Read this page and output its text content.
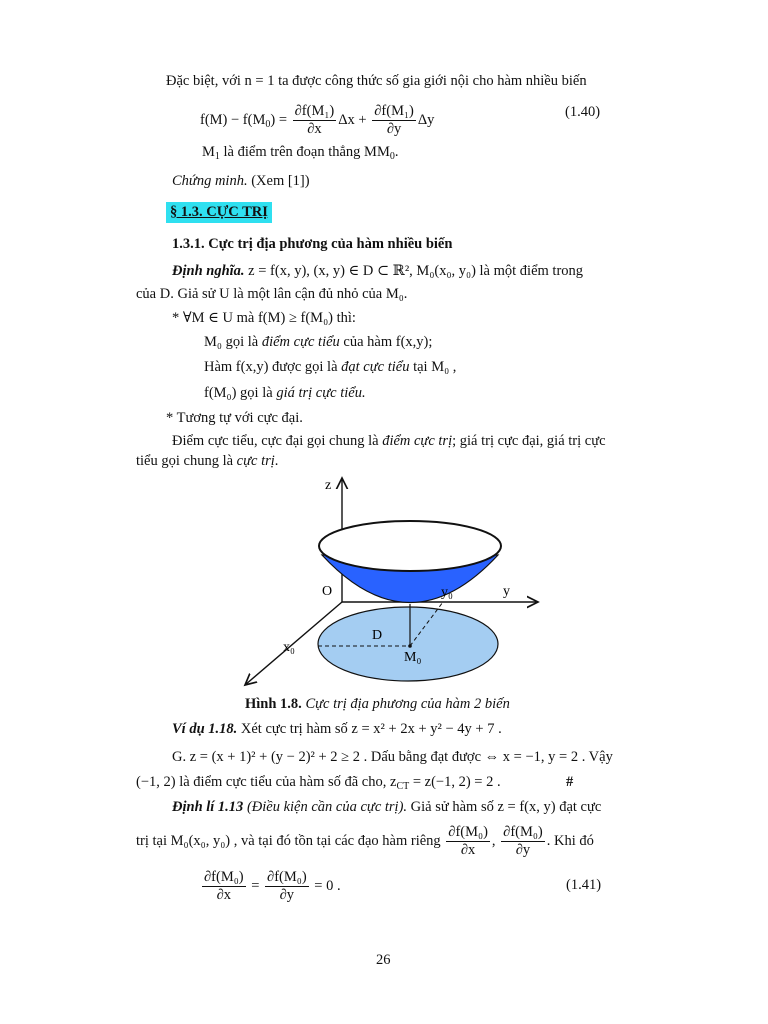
Đặc biệt, với n = 1 ta được công thức số gia giới nội cho hàm nhiều biến
$f(M) - f(M_0) = \frac{\text{∂f(M₁)}}{\partial x}$ $\Delta x + \frac{\text{∂f(M₁)}}{\partial y}$ Δy	(1.40)
$M_1$ là điểm trên đoạn thẳng $MM_0$.
Chứng minh. (Xem [1])
§ 1.3. CỰC TRỊ
1.3.1. Cực trị địa phương của hàm nhiều biến
Định nghĩa. z = f(x, y), (x, y) ∈ D ⊂ ℝ², M₀(x₀, y₀) là một điểm trong
của D. Giả sử U là một lân cận đủ nhỏ của M₀.
* ∀M ∈ U mà f(M) ≥ f(M₀) thì:
M₀ gọi là điểm cực tiểu của hàm f(x,y);
Hàm f(x,y) được gọi là đạt cực tiểu tại M₀ ,
f(M₀) gọi là giá trị cực tiểu.
* Tương tự với cực đại.
Điểm cực tiểu, cực đại gọi chung là điểm cực trị; giá trị cực đại, giá trị cực
tiểu gọi chung là cực trị.
z
y
O	y₀
x₀
D
M₀
Hình 1.8. Cực trị địa phương của hàm 2 biến
Ví dụ 1.18. Xét cực trị hàm số z = x² + 2x + y² − 4y + 7 .
G. z = (x + 1)² + (y − 2)² + 2 ≥ 2 . Dấu bằng đạt được ⇔ x = −1, y = 2 . Vậy
(−1, 2) là điểm cực tiểu của hàm số đã cho, $z_{CT} = z(-1$, 2) = 2 .	#
Định lí 1.13 (Điều kiện cần của cực trị). Giả sử hàm số z = f(x, y) đạt cực
trị tại M₀(x₀, y₀) , và tại đó tồn tại các đạo hàm riêng $\frac{\text{∂f(M₀)}}{\partial x}$ , $\frac{\text{∂f(M₀)}}{\partial y}$ . Khi đó
$\frac{\text{∂f(M₀)}}{\partial x} = \frac{\text{∂f(M₀)}}{\partial y} = 0$ .	(1.41)
26
